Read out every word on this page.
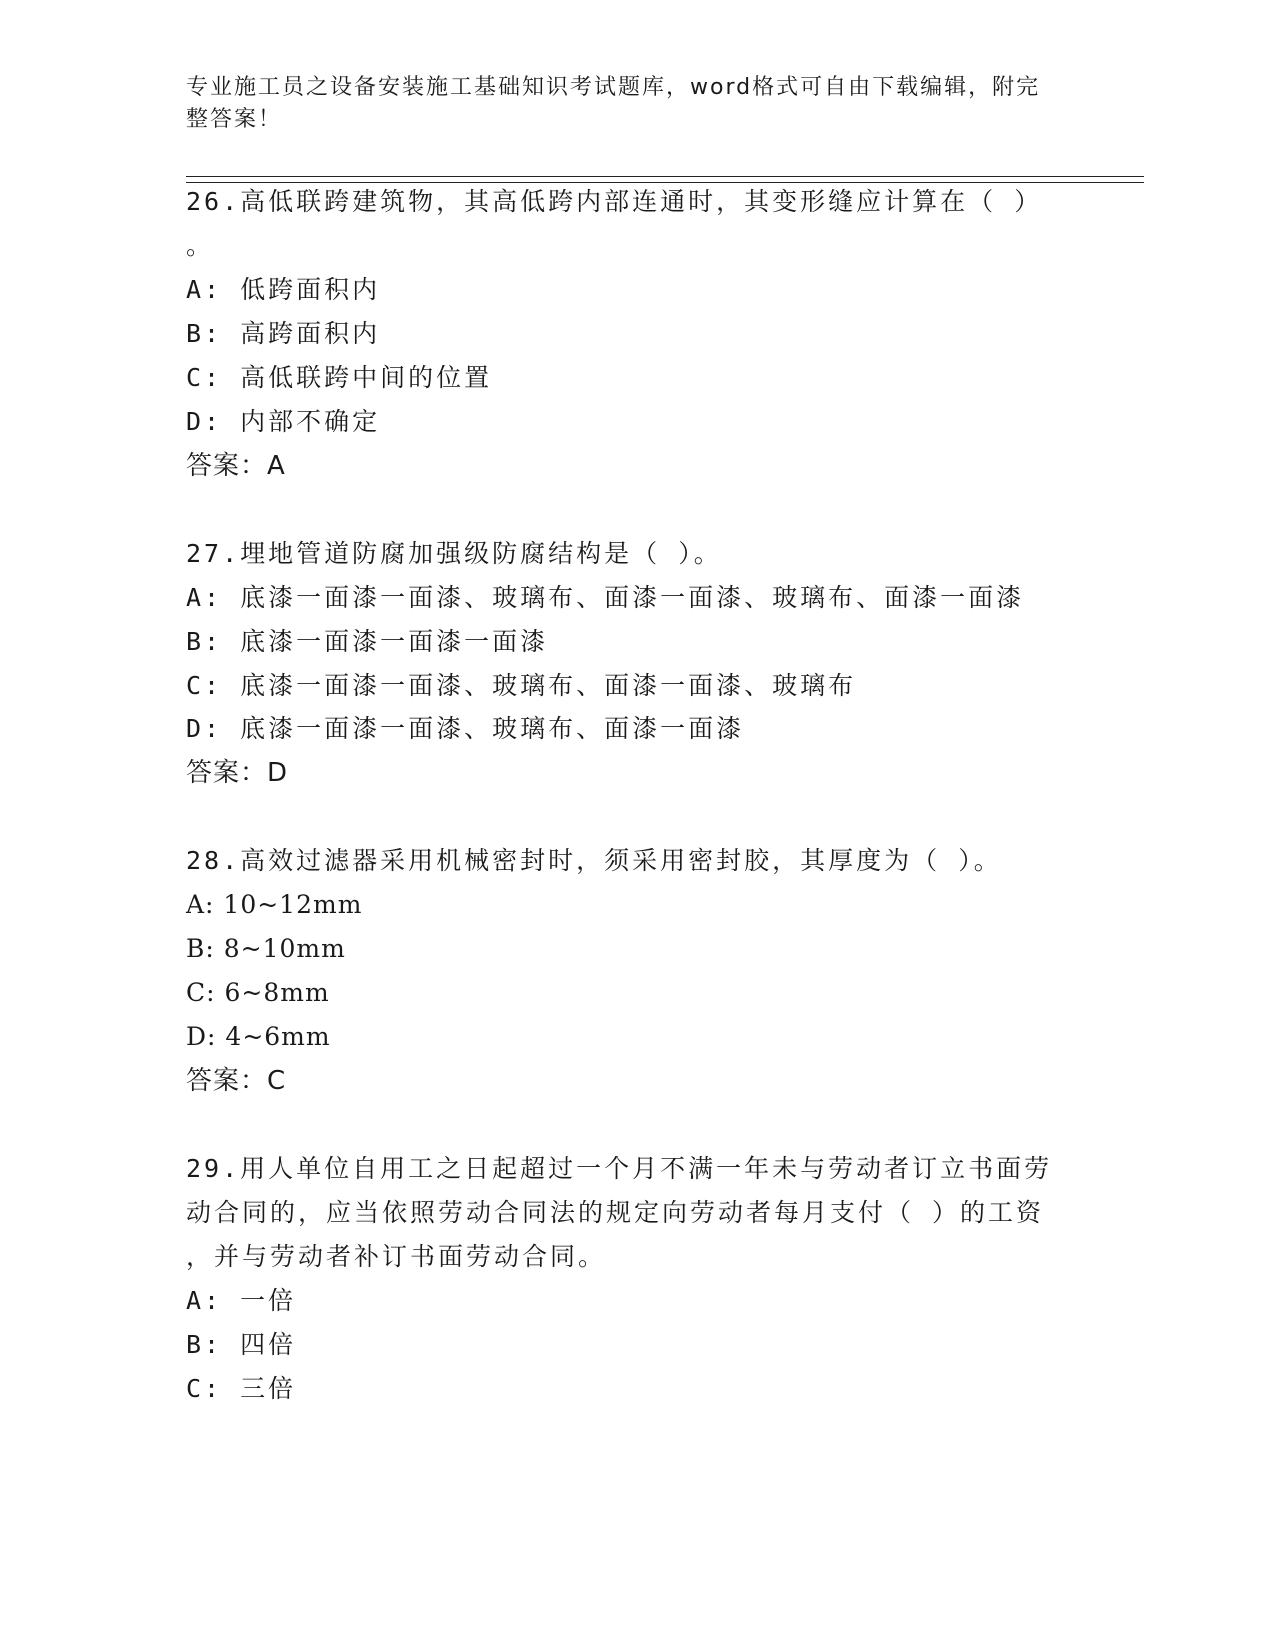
专业施工员之设备安装施工基础知识考试题库，word格式可自由下载编辑，附完
整答案！
26.高低联跨建筑物，其高低跨内部连通时，其变形缝应计算在（ ）
。
A: 低跨面积内
B: 高跨面积内
C: 高低联跨中间的位置
D: 内部不确定
答案：A
27.埋地管道防腐加强级防腐结构是（ ）。
A: 底漆一面漆一面漆、玻璃布、面漆一面漆、玻璃布、面漆一面漆
B: 底漆一面漆一面漆一面漆
C: 底漆一面漆一面漆、玻璃布、面漆一面漆、玻璃布
D: 底漆一面漆一面漆、玻璃布、面漆一面漆
答案：D
28.高效过滤器采用机械密封时，须采用密封胶，其厚度为（ ）。
A: 10~12mm
B: 8~10mm
C: 6~8mm
D: 4~6mm
答案：C
29.用人单位自用工之日起超过一个月不满一年未与劳动者订立书面劳
动合同的，应当依照劳动合同法的规定向劳动者每月支付（ ）的工资
，并与劳动者补订书面劳动合同。
A: 一倍
B: 四倍
C: 三倍
